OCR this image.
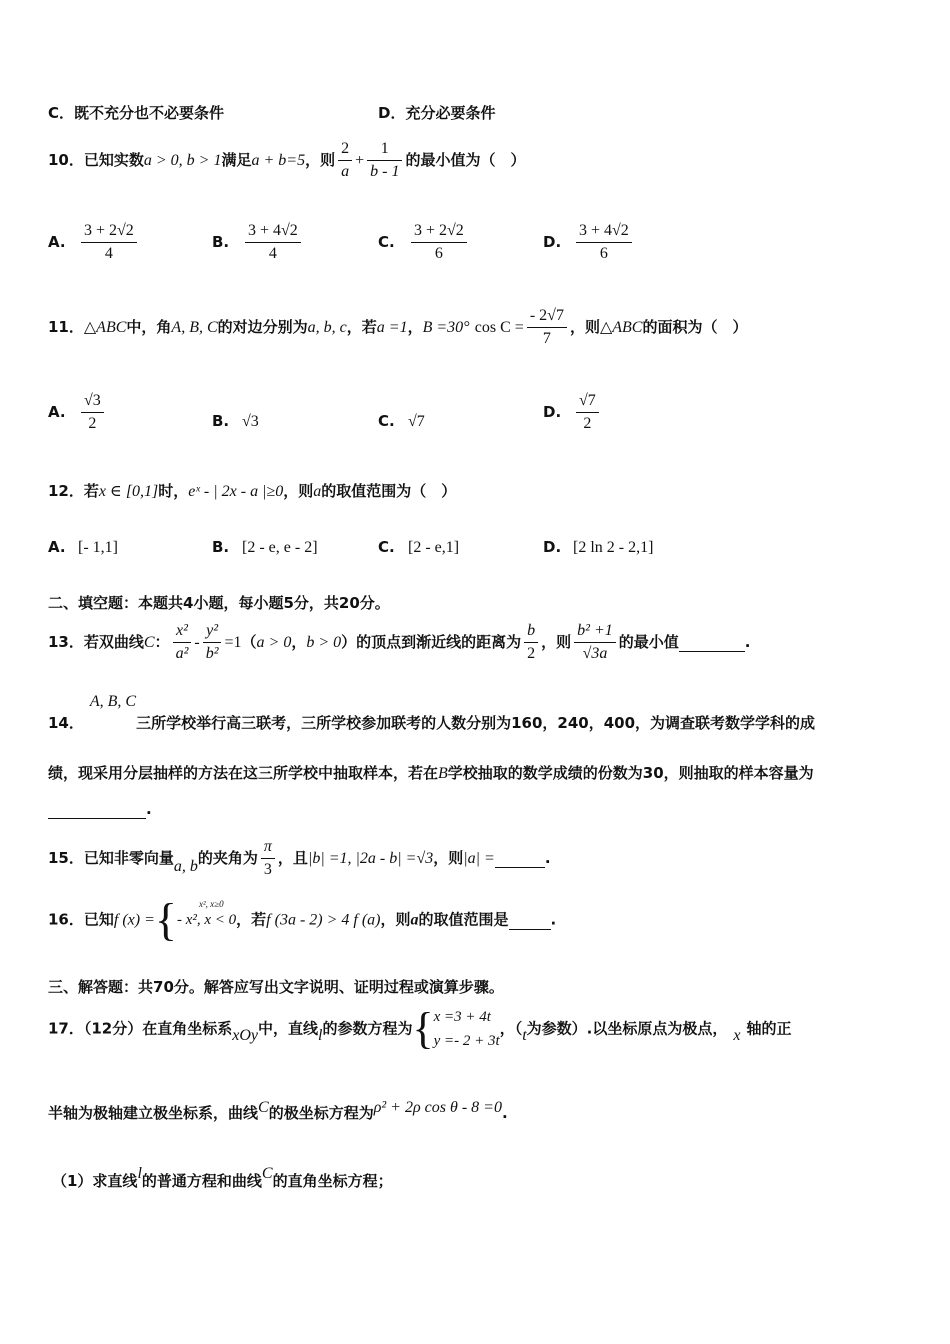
C．既不充分也不必要条件	D．充分必要条件
10．已知实数a > 0, b > 1满足a + b=5，则 $\frac{2}{a} + \frac{1}{b - 1}$ 的最小值为（　）
A. $\frac{3 + 2√2}{4}$	B. $\frac{3 + 4√2}{4}$	C. $\frac{3 + 2√2}{6}$	D. $\frac{3 + 4√2}{6}$
11．△ABC中，角A, B, C的对边分别为a, b, c，若a =1，B =30° $\cos C = \frac{- 2√7}{7}$ ，则△ABC的面积为（　）
A. $\frac{√3}{2}$	B. √3	C. √7
D. $\frac{√7}{2}$
12．若x ∈ [0,1]时，eˣ - | 2x - a |≥0，则a的取值范围为（　）
A. [- 1,1]	B. [2 - e, e - 2]	C. [2 - e,1]	D. [2 ln 2 - 2,1]
二、填空题：本题共4小题，每小题5分，共20分。
13．若双曲线C： $\frac{\text{x²}}{\text{a²}} - \frac{\text{y²}}{\text{b²}} =1(a > 0$，b > 0）的顶点到渐近线的距离为 $\frac{b}{2}$ ，则 $\frac{\text{b² +1}}{√3a}$ 的最小值	.
14．A, B, C三所学校举行高三联考，三所学校参加联考的人数分别为160，240，400，为调查联考数学学科的成
绩，现采用分层抽样的方法在这三所学校中抽取样本，若在B学校抽取的数学成绩的份数为30，则抽取的样本容量为
.
15．已知非零向量a, b的夹角为 $\frac{\pi}{3}$ ，且|b| =1, |2a - b| =√3，则|a| =	.
16．已知f (x) ={ x², x≥0
- x², x < 0
，若f (3a - 2) > 4 f (a)，则a的取值范围是	.
三、解答题：共70分。解答应写出文字说明、证明过程或演算步骤。
17．（12分）在直角坐标系xOy中，直线l的参数方程为{ x =3 + 4t
y =- 2 + 3t
，（t为参数）.以坐标原点为极点， x 轴的正
半轴为极轴建立极坐标系，曲线C的极坐标方程为ρ² + 2ρ cos θ - 8 =0.
（1）求直线l的普通方程和曲线C的直角坐标方程；
